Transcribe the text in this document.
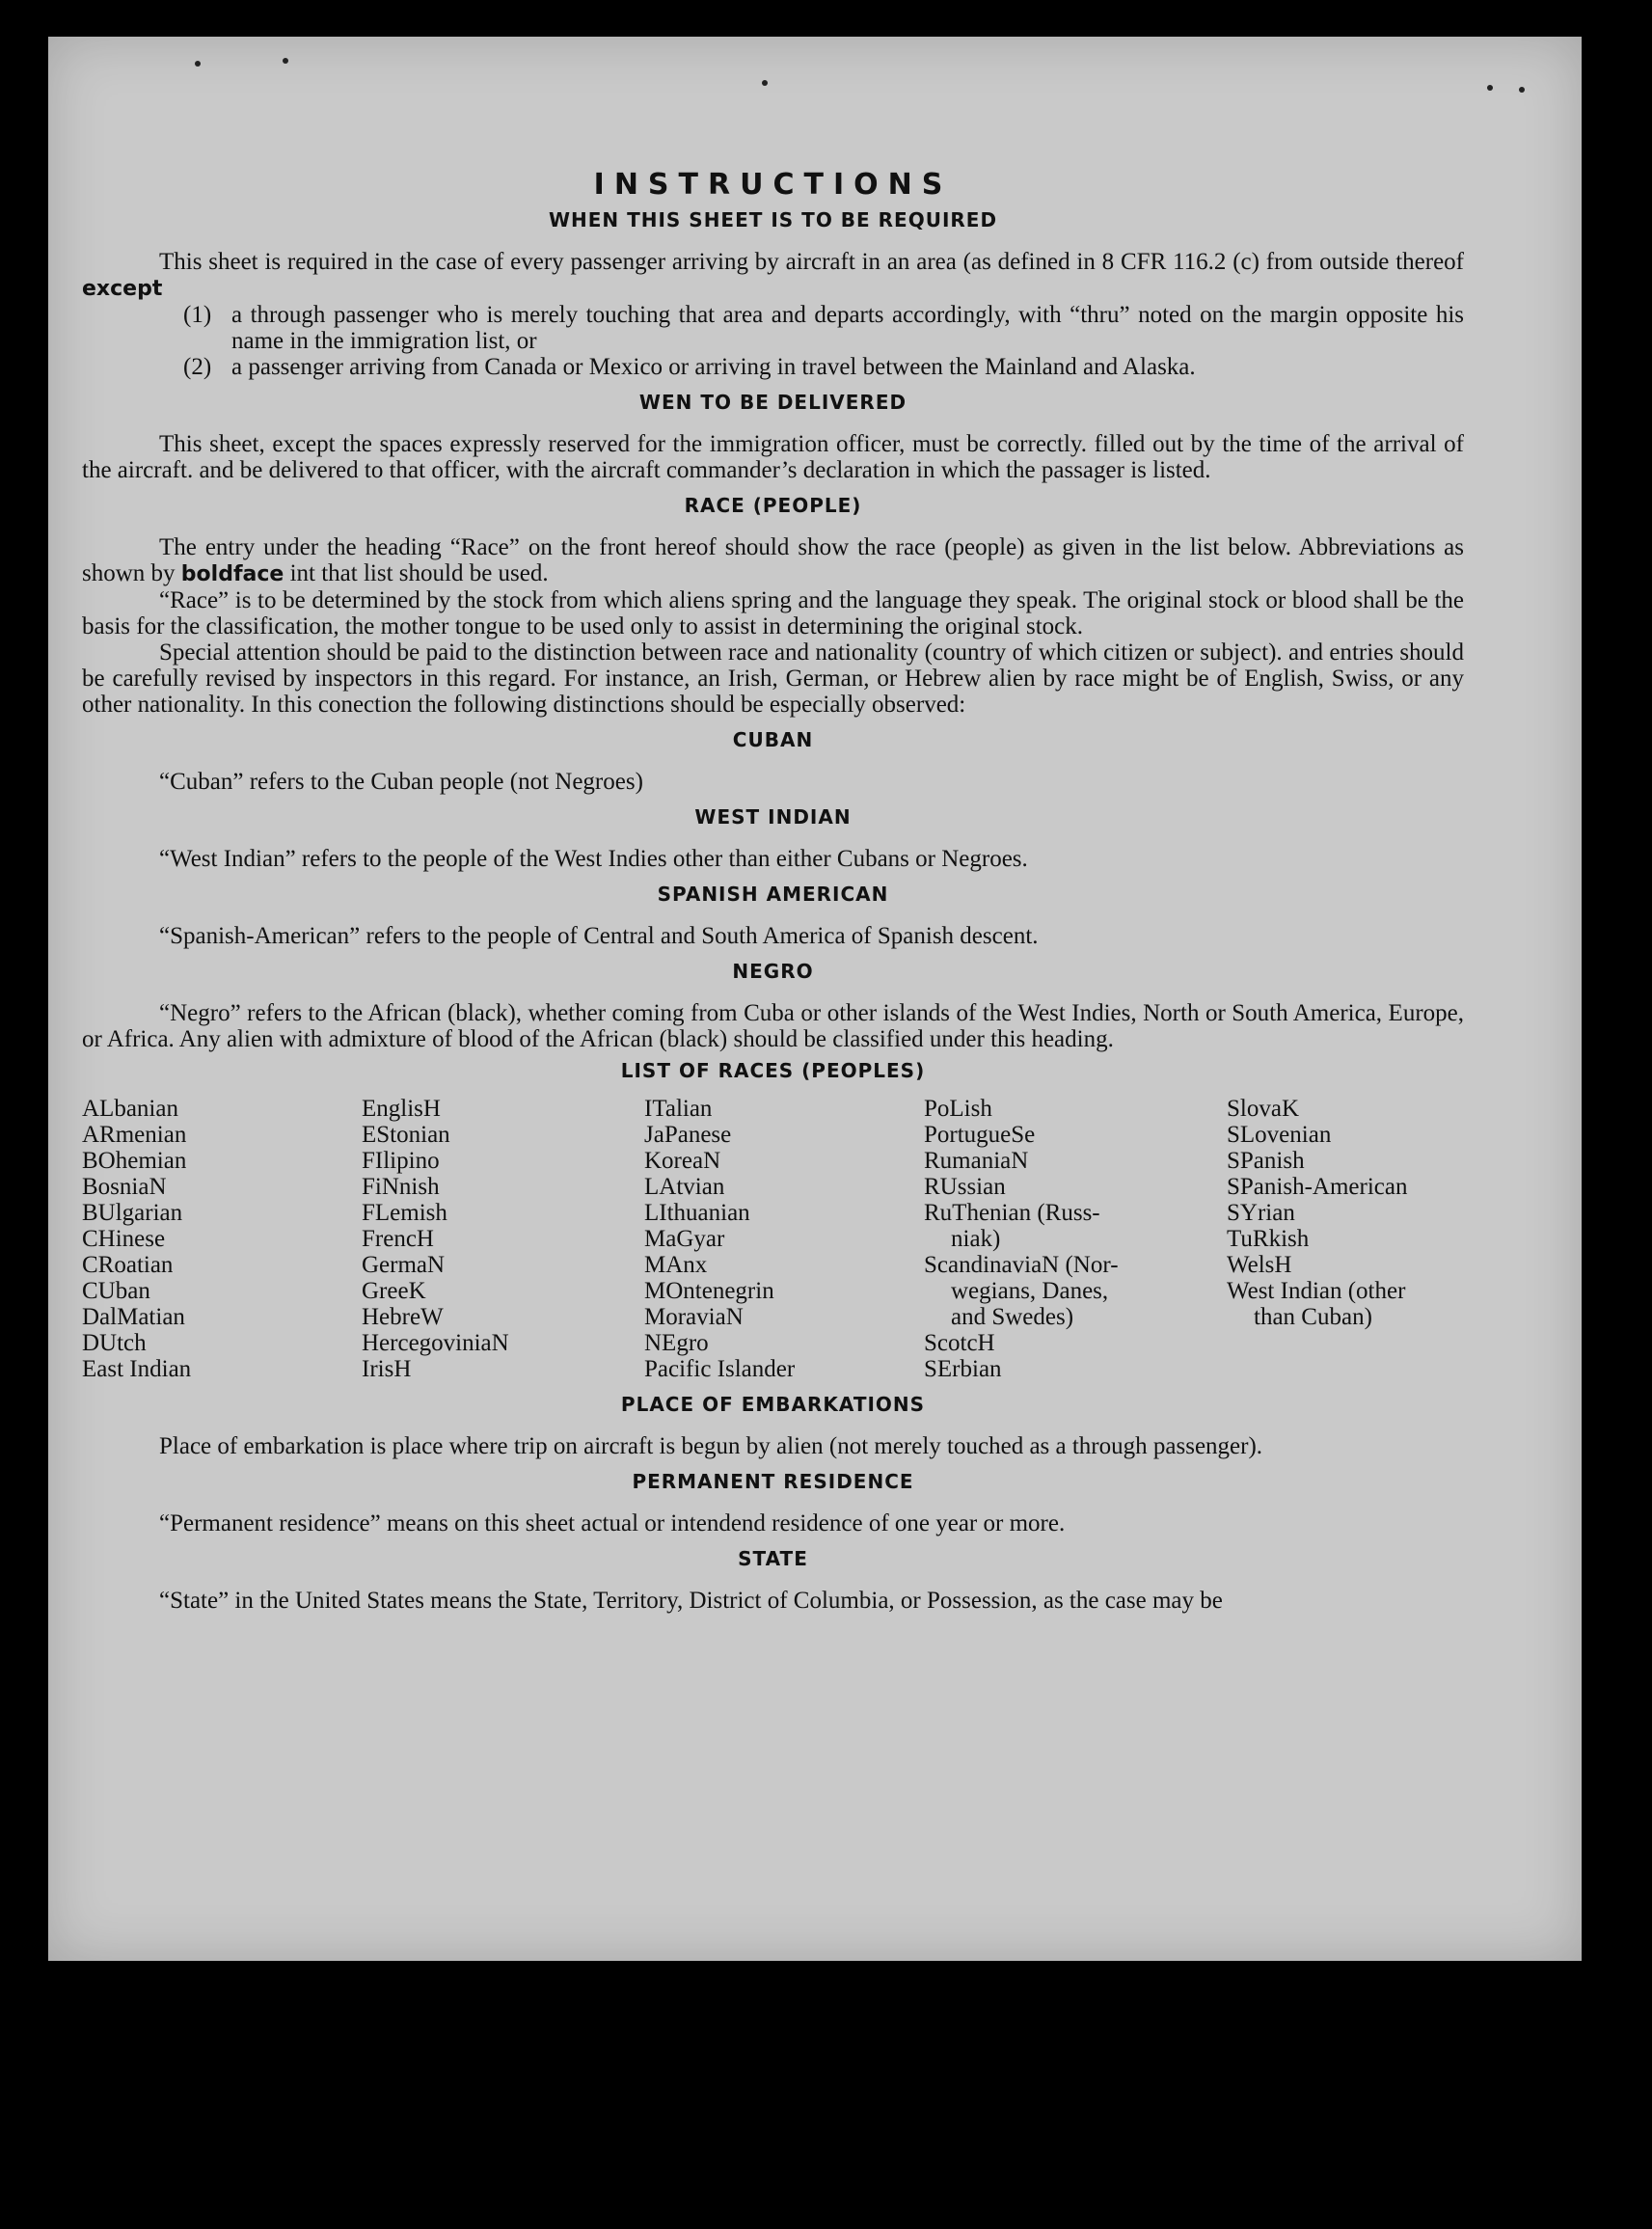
INSTRUCTIONS
WHEN THIS SHEET IS TO BE REQUIRED

This sheet is required in the case of every passenger arriving by aircraft in an area (as defined in 8 CFR 116.2 (c) from outside thereof except

(1) a through passenger who is merely touching that area and departs accordingly, with “thru” noted on the margin opposite his name in the immigration list, or
(2) a passenger arriving from Canada or Mexico or arriving in travel between the Mainland and Alaska.
WEN TO BE DELIVERED

This sheet, except the spaces expressly reserved for the immigration officer, must be correctly. filled out by the time of the arrival of the aircraft. and be delivered to that officer, with the aircraft commander’s declaration in which the passager is listed.

RACE (PEOPLE)

The entry under the heading “Race” on the front hereof should show the race (people) as given in the list below. Abbreviations as shown by boldface int that list should be used.

“Race” is to be determined by the stock from which aliens spring and the language they speak. The original stock or blood shall be the basis for the classification, the mother tongue to be used only to assist in determining the original stock.

Special attention should be paid to the distinction between race and nationality (country of which citizen or subject). and entries should be carefully revised by inspectors in this regard. For instance, an Irish, German, or Hebrew alien by race might be of English, Swiss, or any other nationality. In this conection the following distinctions should be especially observed:

CUBAN

“Cuban” refers to the Cuban people (not Negroes)

WEST INDIAN

“West Indian” refers to the people of the West Indies other than either Cubans or Negroes.

SPANISH AMERICAN

“Spanish-American” refers to the people of Central and South America of Spanish descent.

NEGRO

“Negro” refers to the African (black), whether coming from Cuba or other islands of the West Indies, North or South America, Europe, or Africa. Any alien with admixture of blood of the African (black) should be classified under this heading.

LIST OF RACES (PEOPLES)
ALbanian
ARmenian
BOhemian
BosniaN
BUlgarian
CHinese
CRoatian
CUban
DalMatian
DUtch
East Indian
EnglisH
EStonian
FIlipino
FiNnish
FLemish
FrencH
GermaN
GreeK
HebreW
HercegoviniaN
IrisH
ITalian
JaPanese
KoreaN
LAtvian
LIthuanian
MaGyar
MAnx
MOntenegrin
MoraviaN
NEgro
Pacific Islander
PoLish
PortugueSe
RumaniaN
RUssian
RuThenian (Russ-
niak)
ScandinaviaN (Nor-
wegians, Danes,
and Swedes)
ScotcH
SErbian
SlovaK
SLovenian
SPanish
SPanish-American
SYrian
TuRkish
WelsH
West Indian (other
than Cuban)
PLACE OF EMBARKATIONS

Place of embarkation is place where trip on aircraft is begun by alien (not merely touched as a through passenger).

PERMANENT RESIDENCE

“Permanent residence” means on this sheet actual or intendend residence of one year or more.

STATE

“State” in the United States means the State, Territory, District of Columbia, or Possession, as the case may be
